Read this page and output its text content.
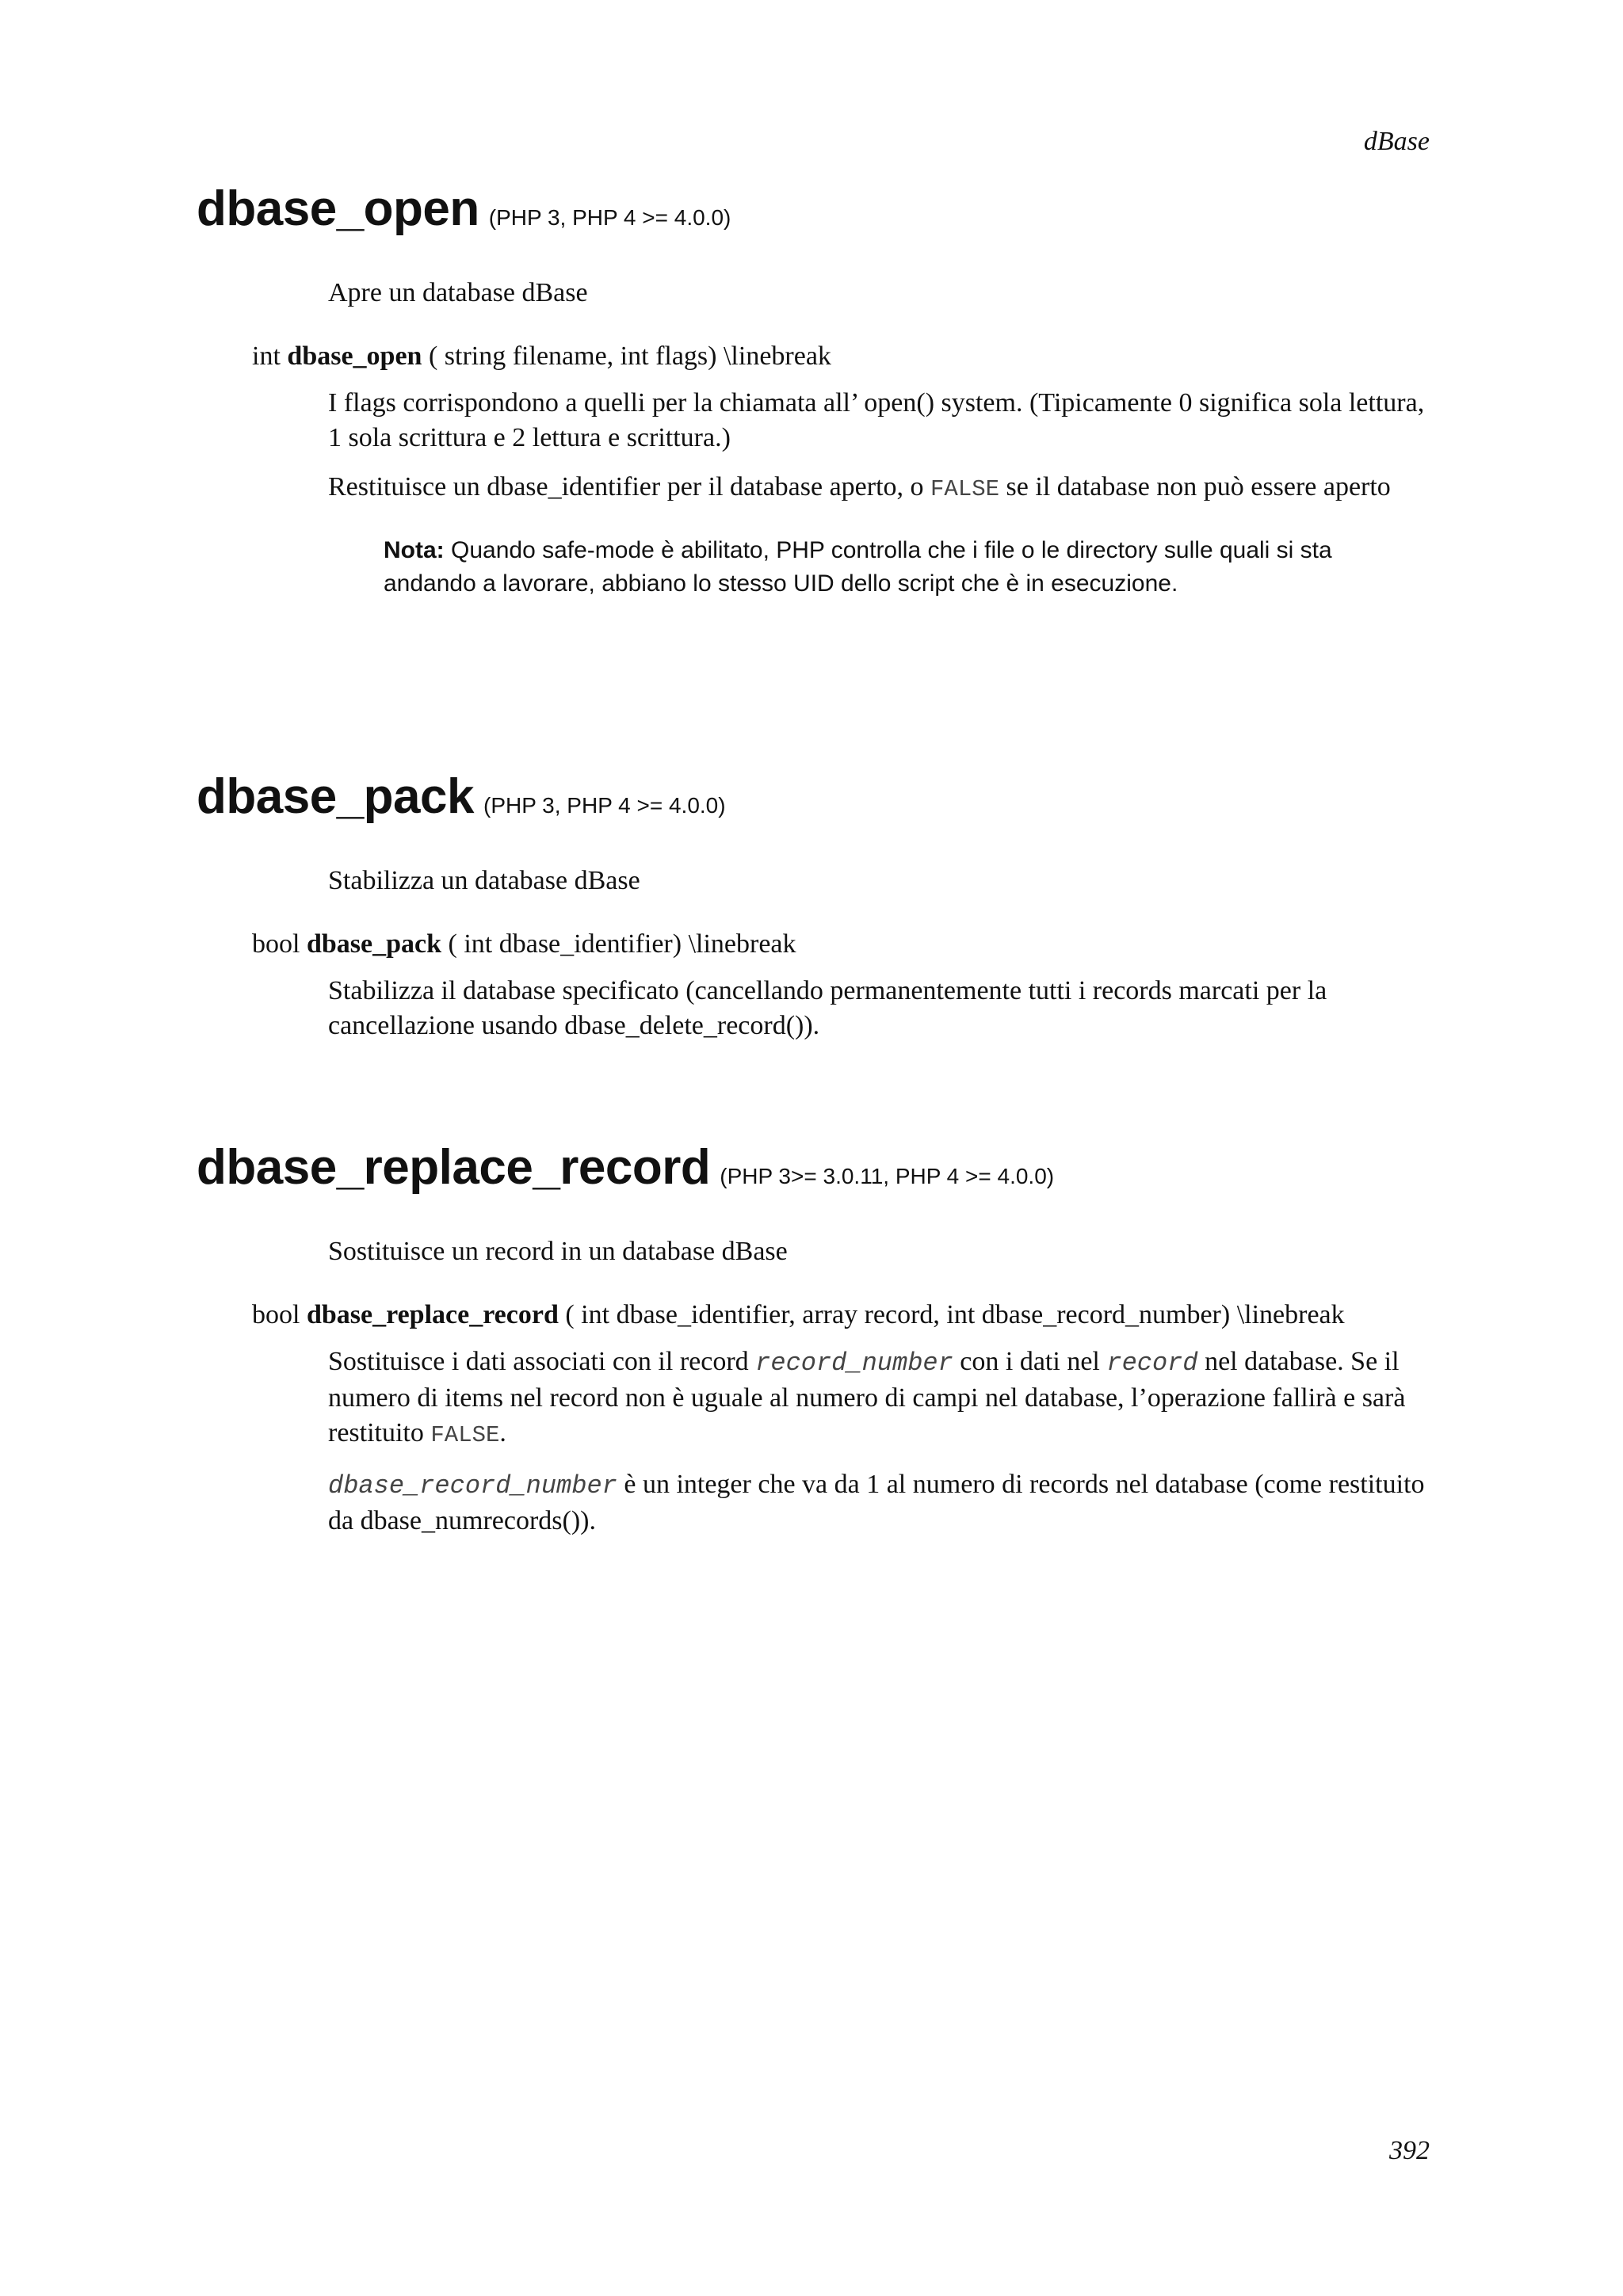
dBase
dbase_open (PHP 3, PHP 4 >= 4.0.0)
Apre un database dBase
int dbase_open ( string filename, int flags) \linebreak
I flags corrispondono a quelli per la chiamata all’ open() system. (Tipicamente 0 significa sola lettura, 1 sola scrittura e 2 lettura e scrittura.)
Restituisce un dbase_identifier per il database aperto, o FALSE se il database non può essere aperto
Nota: Quando safe-mode è abilitato, PHP controlla che i file o le directory sulle quali si sta andando a lavorare, abbiano lo stesso UID dello script che è in esecuzione.
dbase_pack (PHP 3, PHP 4 >= 4.0.0)
Stabilizza un database dBase
bool dbase_pack ( int dbase_identifier) \linebreak
Stabilizza il database specificato (cancellando permanentemente tutti i records marcati per la cancellazione usando dbase_delete_record()).
dbase_replace_record (PHP 3>= 3.0.11, PHP 4 >= 4.0.0)
Sostituisce un record in un database dBase
bool dbase_replace_record ( int dbase_identifier, array record, int dbase_record_number) \linebreak
Sostituisce i dati associati con il record record_number con i dati nel record nel database. Se il numero di items nel record non è uguale al numero di campi nel database, l’operazione fallirà e sarà restituito FALSE.
dbase_record_number è un integer che va da 1 al numero di records nel database (come restituito da dbase_numrecords()).
392
